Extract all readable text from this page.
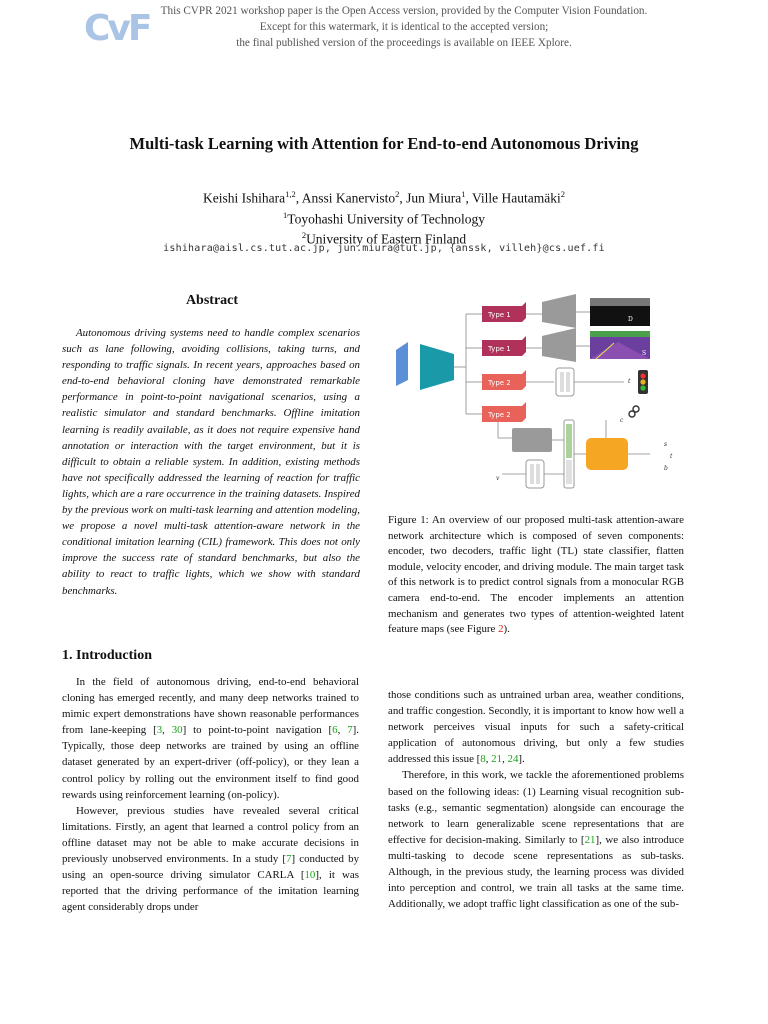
CvF This CVPR 2021 workshop paper is the Open Access version, provided by the Computer Vision Foundation.
Except for this watermark, it is identical to the accepted version;
the final published version of the proceedings is available on IEEE Xplore.
Multi-task Learning with Attention for End-to-end Autonomous Driving
Keishi Ishihara$^{1,2}$, Anssi Kanervisto$^2$, Jun Miura$^1$, Ville Hautamäki$^2$
$^1$Toyohashi University of Technology
$^2$University of Eastern Finland
ishihara@aisl.cs.tut.ac.jp, jun.miura@tut.jp, {anssk, villeh}@cs.uef.fi
Abstract

Autonomous driving systems need to handle complex scenarios such as lane following, avoiding collisions, taking turns, and responding to traffic signals. In recent years, approaches based on end-to-end behavioral cloning have demonstrated remarkable performance in point-to-point navigational scenarios, using a realistic simulator and standard benchmarks. Offline imitation learning is readily available, as it does not require expensive hand annotation or interaction with the target environment, but it is difficult to obtain a reliable system. In addition, existing methods have not specifically addressed the learning of reaction for traffic lights, which are a rare occurrence in the training datasets. Inspired by the previous work on multi-task learning and attention modeling, we propose a novel multi-task attention-aware network in the conditional imitation learning (CIL) framework. This does not only improve the success rate of standard benchmarks, but also the ability to react to traffic lights, which we show with standard benchmarks.

Type 1
Type 1
Type 2
Type 2
D
S
t
c
v
s
t
b

Figure 1: An overview of our proposed multi-task attention-aware network architecture which is composed of seven components: encoder, two decoders, traffic light (TL) state classifier, flatten module, velocity encoder, and driving module. The main target task of this network is to predict control signals from a monocular RGB camera end-to-end. The encoder implements an attention mechanism and generates two types of attention-weighted latent feature maps (see Figure 2).

1. Introduction

In the field of autonomous driving, end-to-end behavioral cloning has emerged recently, and many deep networks trained to mimic expert demonstrations have shown reasonable performances from lane-keeping [3, 30] to point-to-point navigation [6, 7]. Typically, those deep networks are trained by using an offline dataset generated by an expert-driver (off-policy), or they lean a control policy by rolling out the environment itself to find good rewards using reinforcement learning (on-policy).

However, previous studies have revealed several critical limitations. Firstly, an agent that learned a control policy from an offline dataset may not be able to make accurate decisions in previously unobserved environments. In a study [7] conducted by using an open-source driving simulator CARLA [10], it was reported that the driving performance of the imitation learning agent considerably drops under

those conditions such as untrained urban area, weather conditions, and traffic congestion. Secondly, it is important to know how well a network perceives visual inputs for such a safety-critical application of autonomous driving, but only a few studies addressed this issue [8, 21, 24].

Therefore, in this work, we tackle the aforementioned problems based on the following ideas: (1) Learning visual recognition sub-tasks (e.g., semantic segmentation) alongside can encourage the network to learn generalizable scene representations that are effective for decision-making. Similarly to [21], we also introduce multi-tasking to decode scene representations as sub-tasks. Although, in the previous study, the learning process was divided into perception and control, we train all tasks at the same time. Additionally, we adopt traffic light classification as one of the sub-
